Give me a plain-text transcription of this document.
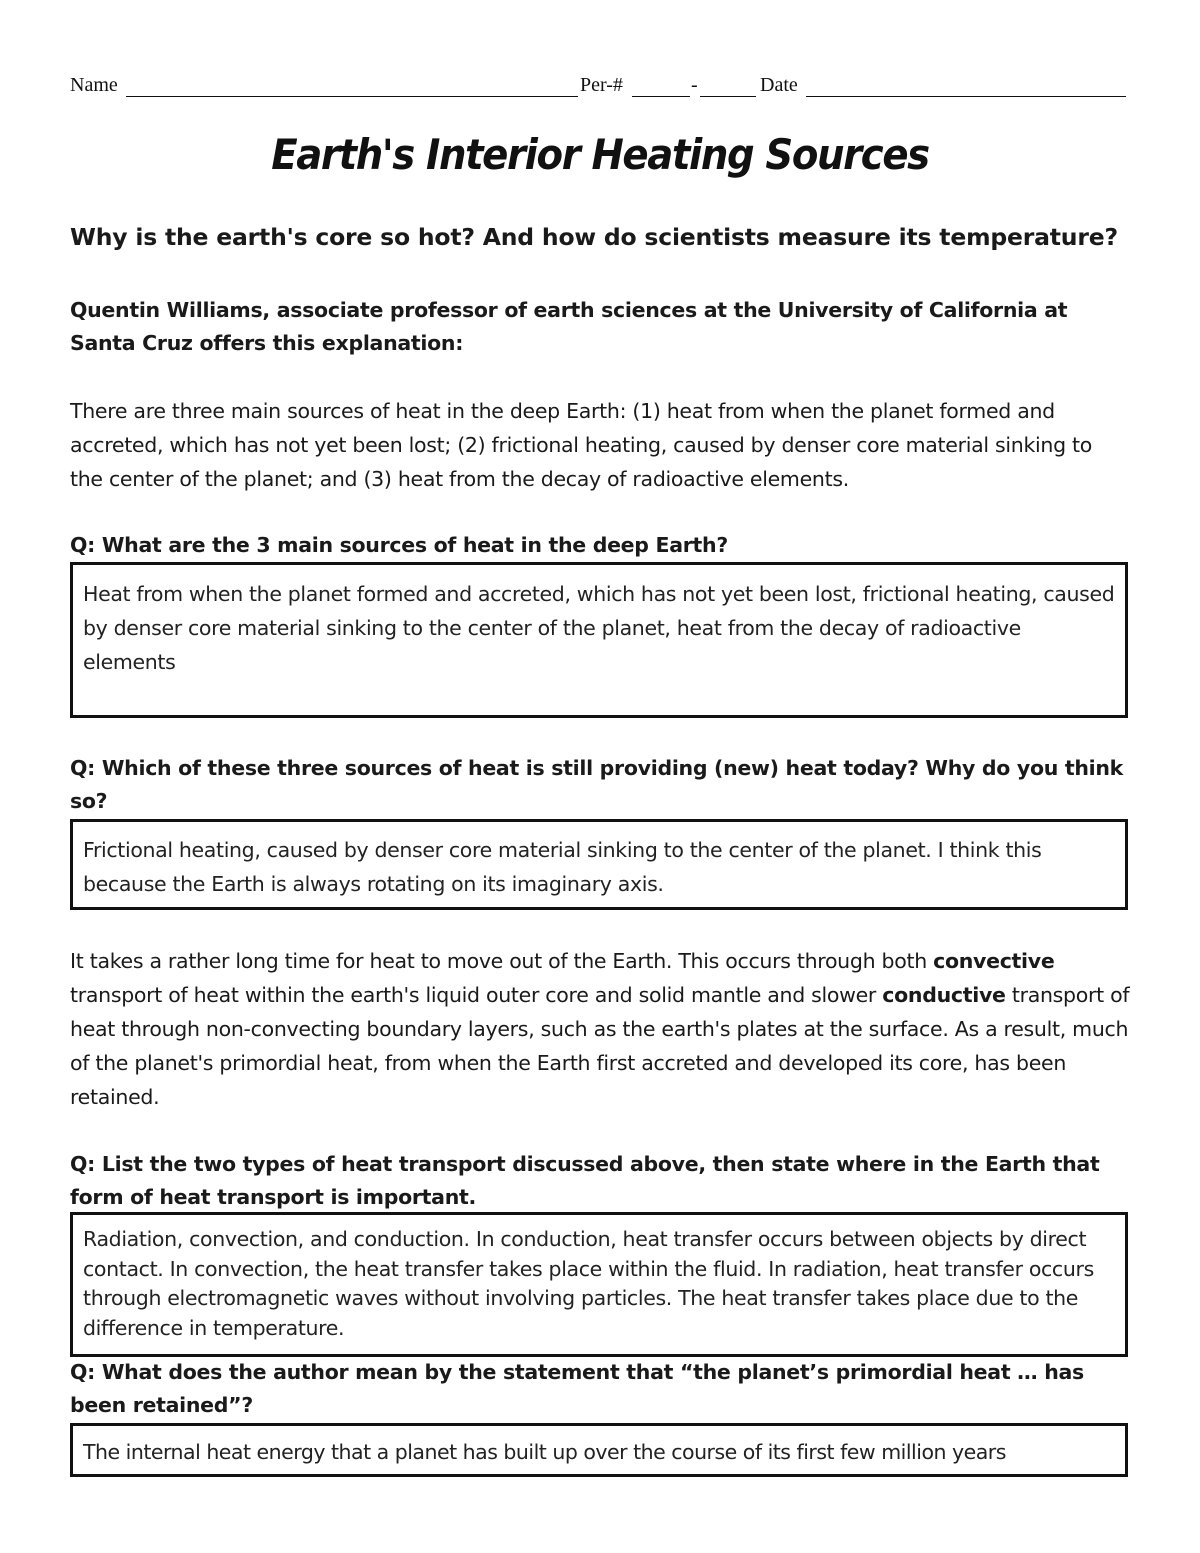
Name	Per-#	-	Date
Earth's Interior Heating Sources
Why is the earth's core so hot? And how do scientists measure its temperature?
Quentin Williams, associate professor of earth sciences at the University of California at Santa Cruz offers this explanation:
There are three main sources of heat in the deep Earth: (1) heat from when the planet formed and accreted, which has not yet been lost; (2) frictional heating, caused by denser core material sinking to the center of the planet; and (3) heat from the decay of radioactive elements.
Q: What are the 3 main sources of heat in the deep Earth?
Heat from when the planet formed and accreted, which has not yet been lost, frictional heating, caused by denser core material sinking to the center of the planet, heat from the decay of radioactive elements
Q: Which of these three sources of heat is still providing (new) heat today? Why do you think so?
Frictional heating, caused by denser core material sinking to the center of the planet. I think this because the Earth is always rotating on its imaginary axis.
It takes a rather long time for heat to move out of the Earth. This occurs through both convective transport of heat within the earth's liquid outer core and solid mantle and slower conductive transport of heat through non-convecting boundary layers, such as the earth's plates at the surface. As a result, much of the planet's primordial heat, from when the Earth first accreted and developed its core, has been retained.
Q: List the two types of heat transport discussed above, then state where in the Earth that form of heat transport is important.
Radiation, convection, and conduction. In conduction, heat transfer occurs between objects by direct contact. In convection, the heat transfer takes place within the fluid. In radiation, heat transfer occurs through electromagnetic waves without involving particles. The heat transfer takes place due to the difference in temperature.
Q: What does the author mean by the statement that “the planet’s primordial heat … has been retained”?
The internal heat energy that a planet has built up over the course of its first few million years
